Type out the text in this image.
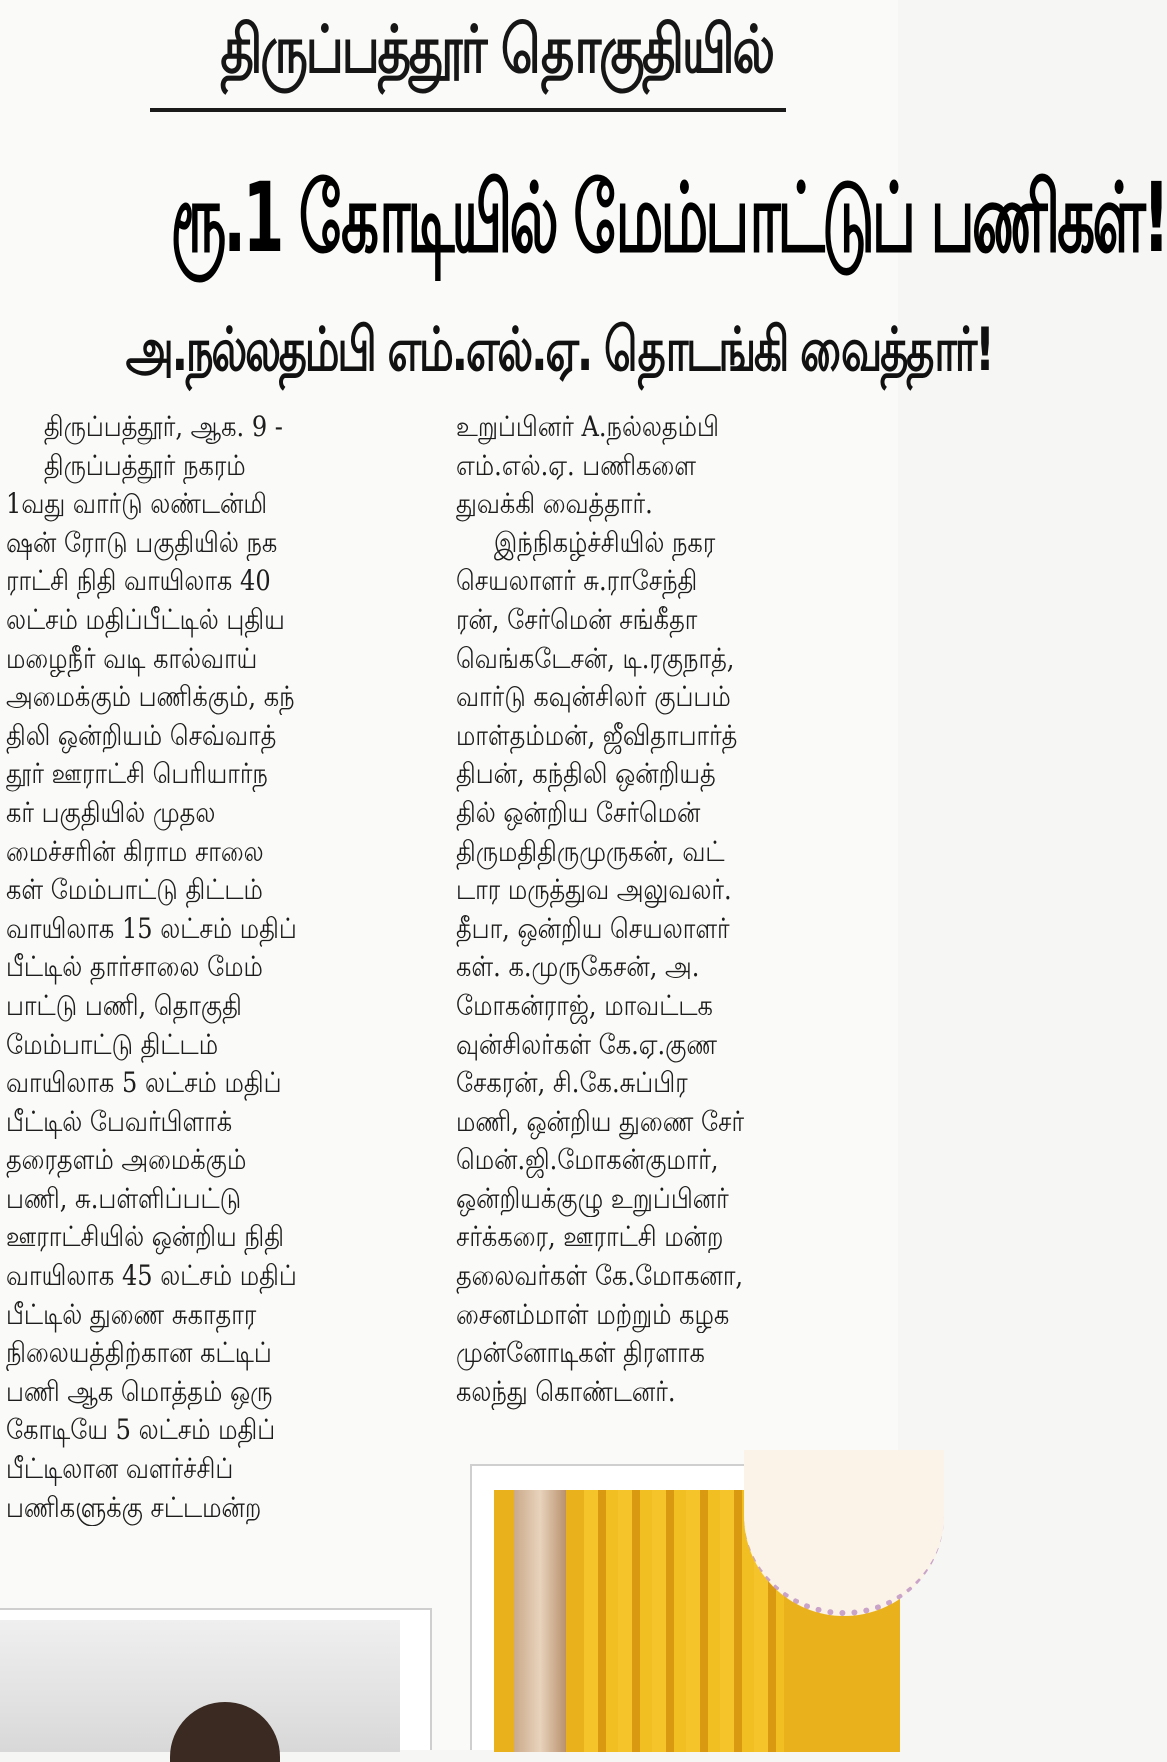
திருப்பத்தூர் தொகுதியில்
ரூ.1 கோடியில் மேம்பாட்டுப் பணிகள்!
அ.நல்லதம்பி எம்.எல்.ஏ. தொடங்கி வைத்தார்!
திருப்பத்தூர், ஆக. 9 -
திருப்பத்தூர் நகரம்
1வது வார்டு லண்டன்மி
ஷன் ரோடு பகுதியில் நக
ராட்சி நிதி வாயிலாக 40
லட்சம் மதிப்பீட்டில் புதிய
மழைநீர் வடி கால்வாய்
அமைக்கும் பணிக்கும், கந்
திலி ஒன்றியம் செவ்வாத்
தூர் ஊராட்சி பெரியார்ந
கர் பகுதியில் முதல
மைச்சரின் கிராம சாலை
கள் மேம்பாட்டு திட்டம்
வாயிலாக 15 லட்சம் மதிப்
பீட்டில் தார்சாலை மேம்
பாட்டு பணி, தொகுதி
மேம்பாட்டு திட்டம்
வாயிலாக 5 லட்சம் மதிப்
பீட்டில் பேவர்பிளாக்
தரைதளம் அமைக்கும்
பணி, சு.பள்ளிப்பட்டு
ஊராட்சியில் ஒன்றிய நிதி
வாயிலாக 45 லட்சம் மதிப்
பீட்டில் துணை சுகாதார
நிலையத்திற்கான கட்டிப்
பணி ஆக மொத்தம் ஒரு
கோடியே 5 லட்சம் மதிப்
பீட்டிலான வளர்ச்சிப்
பணிகளுக்கு சட்டமன்ற
உறுப்பினர் A.நல்லதம்பி
எம்.எல்.ஏ. பணிகளை
துவக்கி வைத்தார்.
இந்நிகழ்ச்சியில் நகர
செயலாளர் சு.ராசேந்தி
ரன், சேர்மென் சங்கீதா
வெங்கடேசன், டி.ரகுநாத்,
வார்டு கவுன்சிலர் குப்பம்
மாள்தம்மன், ஜீவிதாபார்த்
திபன், கந்திலி ஒன்றியத்
தில் ஒன்றிய சேர்மென்
திருமதிதிருமுருகன், வட்
டார மருத்துவ அலுவலர்.
தீபா, ஒன்றிய செயலாளர்
கள். க.முருகேசன், அ.
மோகன்ராஜ், மாவட்டக
வுன்சிலர்கள் கே.ஏ.குண
சேகரன், சி.கே.சுப்பிர
மணி, ஒன்றிய துணை சேர்
மென்.ஜி.மோகன்குமார்,
ஒன்றியக்குழு உறுப்பினர்
சர்க்கரை, ஊராட்சி மன்ற
தலைவர்கள் கே.மோகனா,
சைனம்மாள் மற்றும் கழக
முன்னோடிகள் திரளாக
கலந்து கொண்டனர்.
